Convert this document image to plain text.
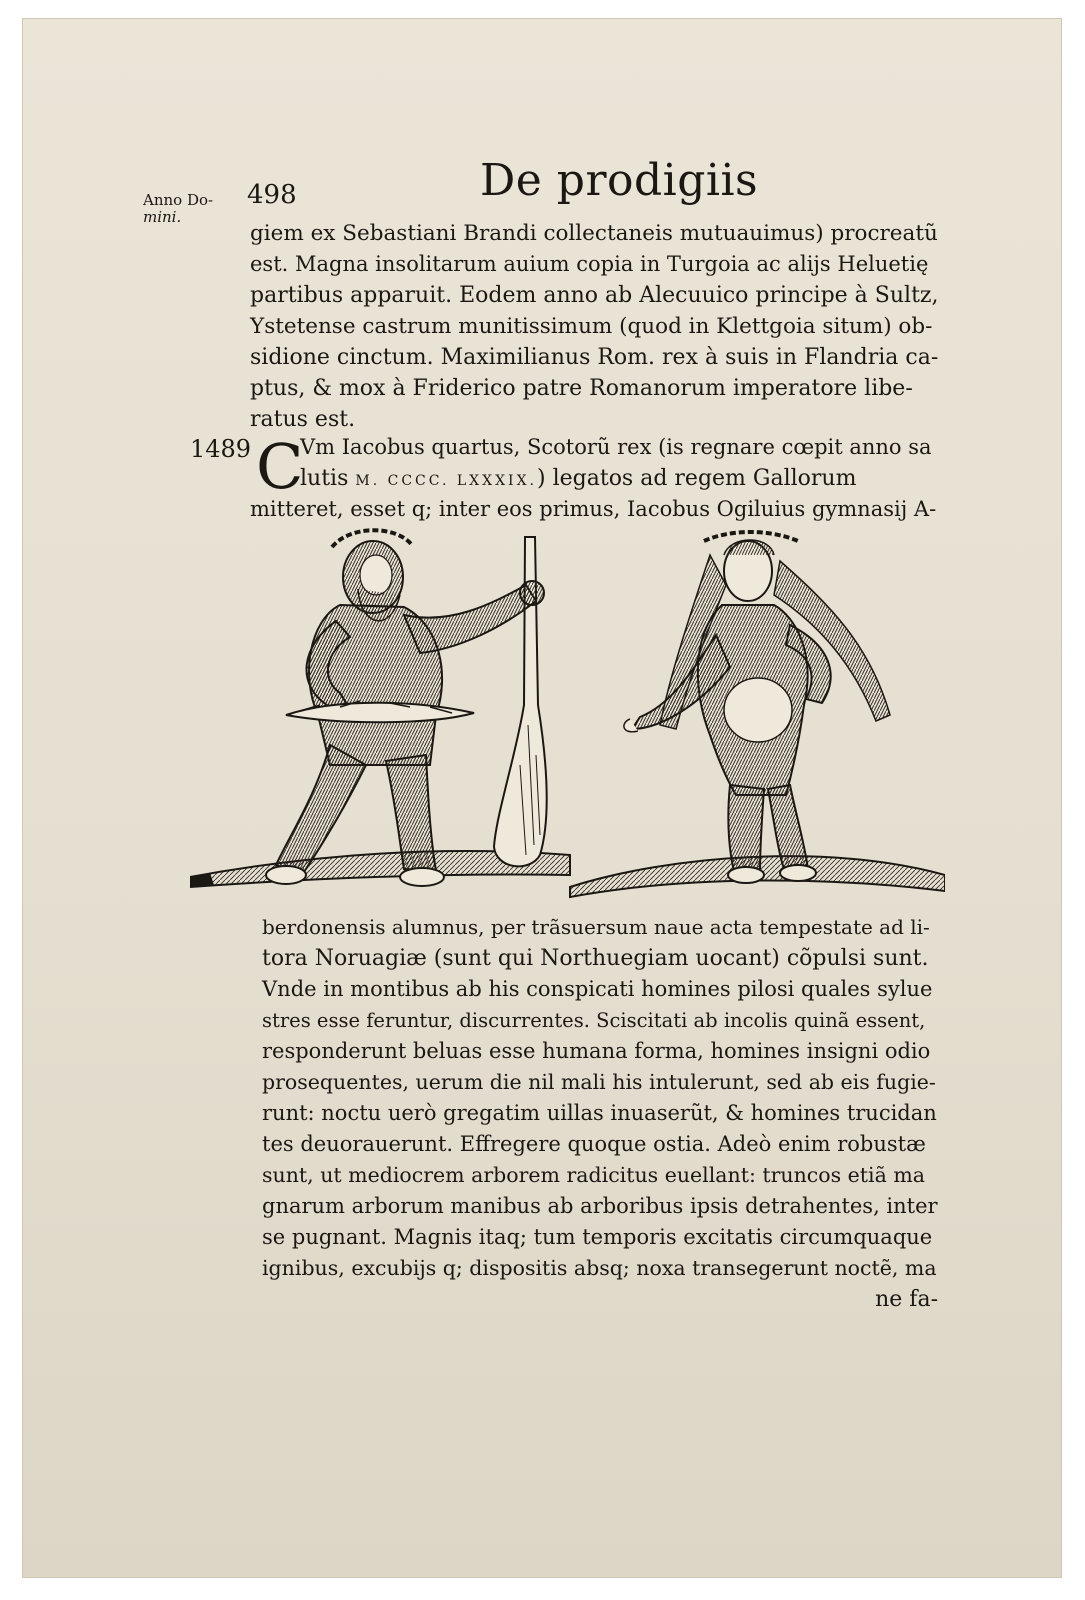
Anno Do-
mini.
498	De prodigiis
giem ex Sebastiani Brandi collectaneis mutuauimus) procreatũ est. Magna insolitarum auium copia in Turgoia ac alijs Heluetię partibus apparuit. Eodem anno ab Alecuuico principe à Sultz, Ystetense castrum munitissimum (quod in Klettgoia situm) ob- sidione cinctum. Maximilianus Rom. rex à suis in Flandria ca- ptus, & mox à Friderico patre Romanorum imperatore libe- ratus est.
1489 C
Vm Iacobus quartus, Scotorũ rex (is regnare cœpit anno sa
lutis M. CCCC. LXXXIX.) legatos ad regem Gallorum
mitteret, esset q; inter eos primus, Iacobus Ogiluius gymnasij A-
berdonensis alumnus, per trãsuersum naue acta tempestate ad li- tora Noruagiæ (sunt qui Northuegiam uocant) cõpulsi sunt. Vnde in montibus ab his conspicati homines pilosi quales sylue stres esse feruntur, discurrentes. Sciscitati ab incolis quinã essent, responderunt beluas esse humana forma, homines insigni odio prosequentes, uerum die nil mali his intulerunt, sed ab eis fugie- runt: noctu uerò gregatim uillas inuaserũt, & homines trucidan tes deuorauerunt. Effregere quoque ostia. Adeò enim robustæ sunt, ut mediocrem arborem radicitus euellant: truncos etiã ma gnarum arborum manibus ab arboribus ipsis detrahentes, inter se pugnant. Magnis itaq; tum temporis excitatis circumquaque ignibus, excubijs q; dispositis absq; noxa transegerunt noctẽ, ma
ne fa-
